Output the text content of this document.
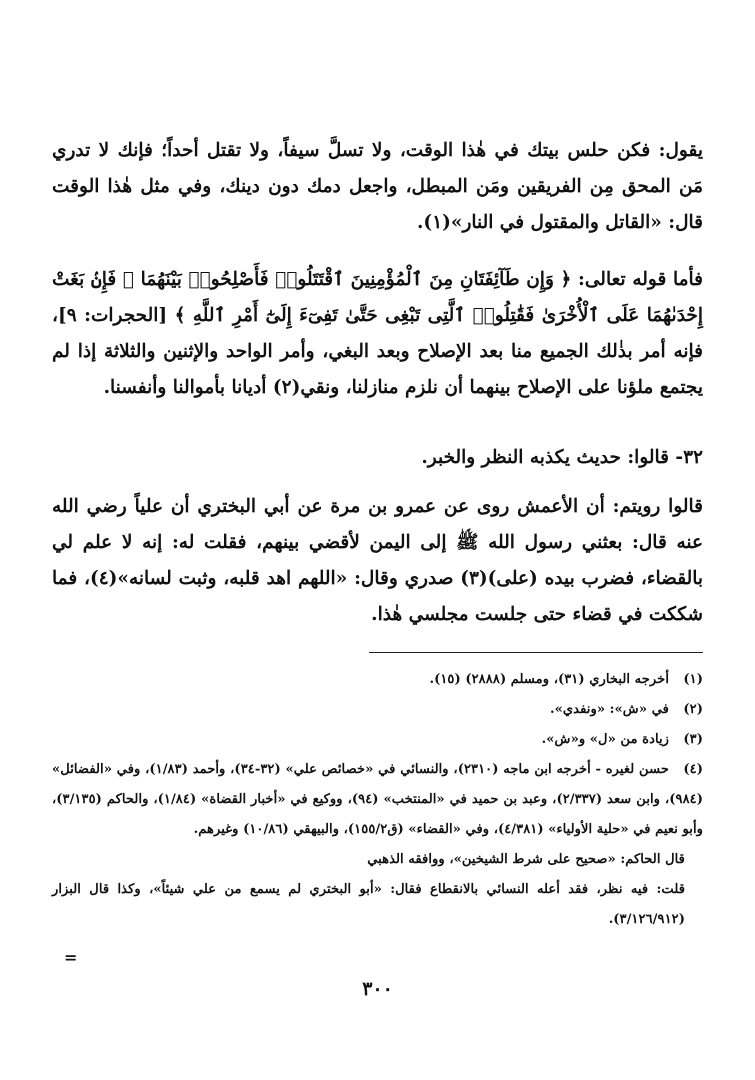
يقول: فكن حلس بيتك في هٰذا الوقت، ولا تسلَّ سيفاً، ولا تقتل أحداً؛ فإنك لا تدري مَن المحق مِن الفريقين ومَن المبطل، واجعل دمك دون دينك، وفي مثل هٰذا الوقت قال: «القاتل والمقتول في النار»(١).

فأما قوله تعالى: ﴿ وَإِن طَآئِفَتَانِ مِنَ ٱلْمُؤْمِنِينَ ٱقْتَتَلُوا۟ فَأَصْلِحُوا۟ بَيْنَهُمَا ۖ فَإِنۢ بَغَتْ إِحْدَىٰهُمَا عَلَى ٱلْأُخْرَىٰ فَقَٰتِلُوا۟ ٱلَّتِى تَبْغِى حَتَّىٰ تَفِىٓءَ إِلَىٰٓ أَمْرِ ٱللَّهِ ﴾ [الحجرات: ٩]، فإنه أمر بذٰلك الجميع منا بعد الإصلاح وبعد البغي، وأمر الواحد والإثنين والثلاثة إذا لم يجتمع ملؤنا على الإصلاح بينهما أن نلزم منازلنا، ونقي(٢) أديانا بأموالنا وأنفسنا.

٣٢- قالوا: حديث يكذبه النظر والخبر.

قالوا رويتم: أن الأعمش روى عن عمرو بن مرة عن أبي البختري أن علياً رضي الله عنه قال: بعثني رسول الله ﷺ إلى اليمن لأقضي بينهم، فقلت له: إنه لا علم لي بالقضاء، فضرب بيده (على)(٣) صدري وقال: «اللهم اهد قلبه، وثبت لسانه»(٤)، فما شككت في قضاء حتى جلست مجلسي هٰذا.

(١)أخرجه البخاري (٣١)، ومسلم (٢٨٨٨) (١٥).
(٢)في «ش»: «ونفدي».
(٣)زيادة من «ل» و«ش».
(٤)حسن لغيره - أخرجه ابن ماجه (٢٣١٠)، والنسائي في «خصائص علي» (٣٢-٣٤)، وأحمد (١/٨٣)، وفي «الفضائل» (٩٨٤)، وابن سعد (٢/٣٣٧)، وعبد بن حميد في «المنتخب» (٩٤)، ووكيع في «أخبار القضاة» (١/٨٤)، والحاكم (٣/١٣٥)، وأبو نعيم في «حلية الأولياء» (٤/٣٨١)، وفي «القضاء» (ق١٥٥/٢)، والبيهقي (١٠/٨٦) وغيرهم.
قال الحاكم: «صحيح على شرط الشيخين»، ووافقه الذهبي
قلت: فيه نظر، فقد أعله النسائي بالانقطاع فقال: «أبو البختري لم يسمع من علي شيئاً»، وكذا قال البزار (٣/١٢٦/٩١٢).
=
٣٠٠
